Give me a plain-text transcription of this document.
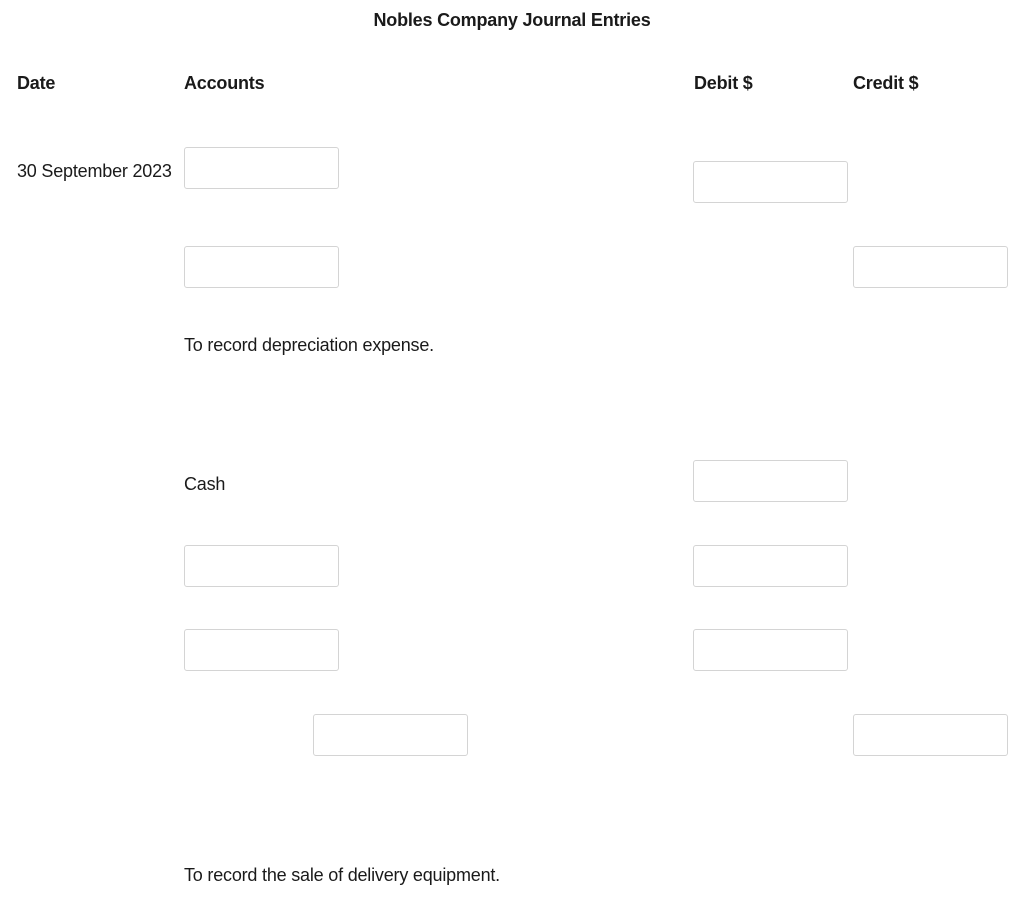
Nobles Company Journal Entries
Date	Accounts	Debit $	Credit $
30 September 2023
To record depreciation expense.
Cash
To record the sale of delivery equipment.
